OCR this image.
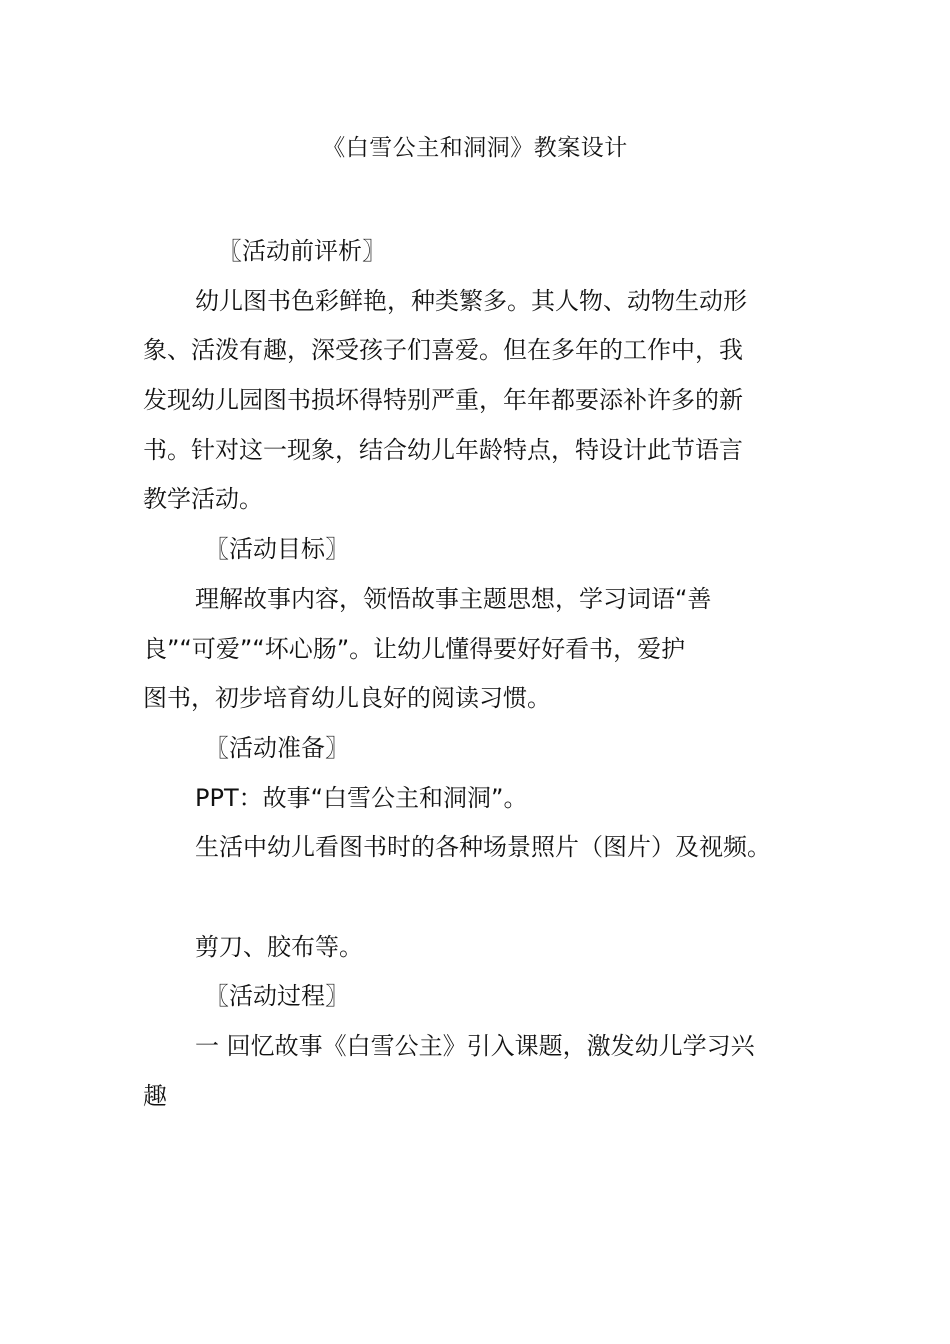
《白雪公主和洞洞》教案设计
〖活动前评析〗
幼儿图书色彩鲜艳，种类繁多。其人物、动物生动形
象、活泼有趣，深受孩子们喜爱。但在多年的工作中，我
发现幼儿园图书损坏得特别严重，年年都要添补许多的新
书。针对这一现象，结合幼儿年龄特点，特设计此节语言
教学活动。
〖活动目标〗
理解故事内容，领悟故事主题思想，学习词语“善
良”“可爱”“坏心肠”。让幼儿懂得要好好看书，爱护
图书，初步培育幼儿良好的阅读习惯。
〖活动准备〗
PPT：故事“白雪公主和洞洞”。
生活中幼儿看图书时的各种场景照片（图片）及视频。
剪刀、胶布等。
〖活动过程〗
一 回忆故事《白雪公主》引入课题，激发幼儿学习兴
趣
